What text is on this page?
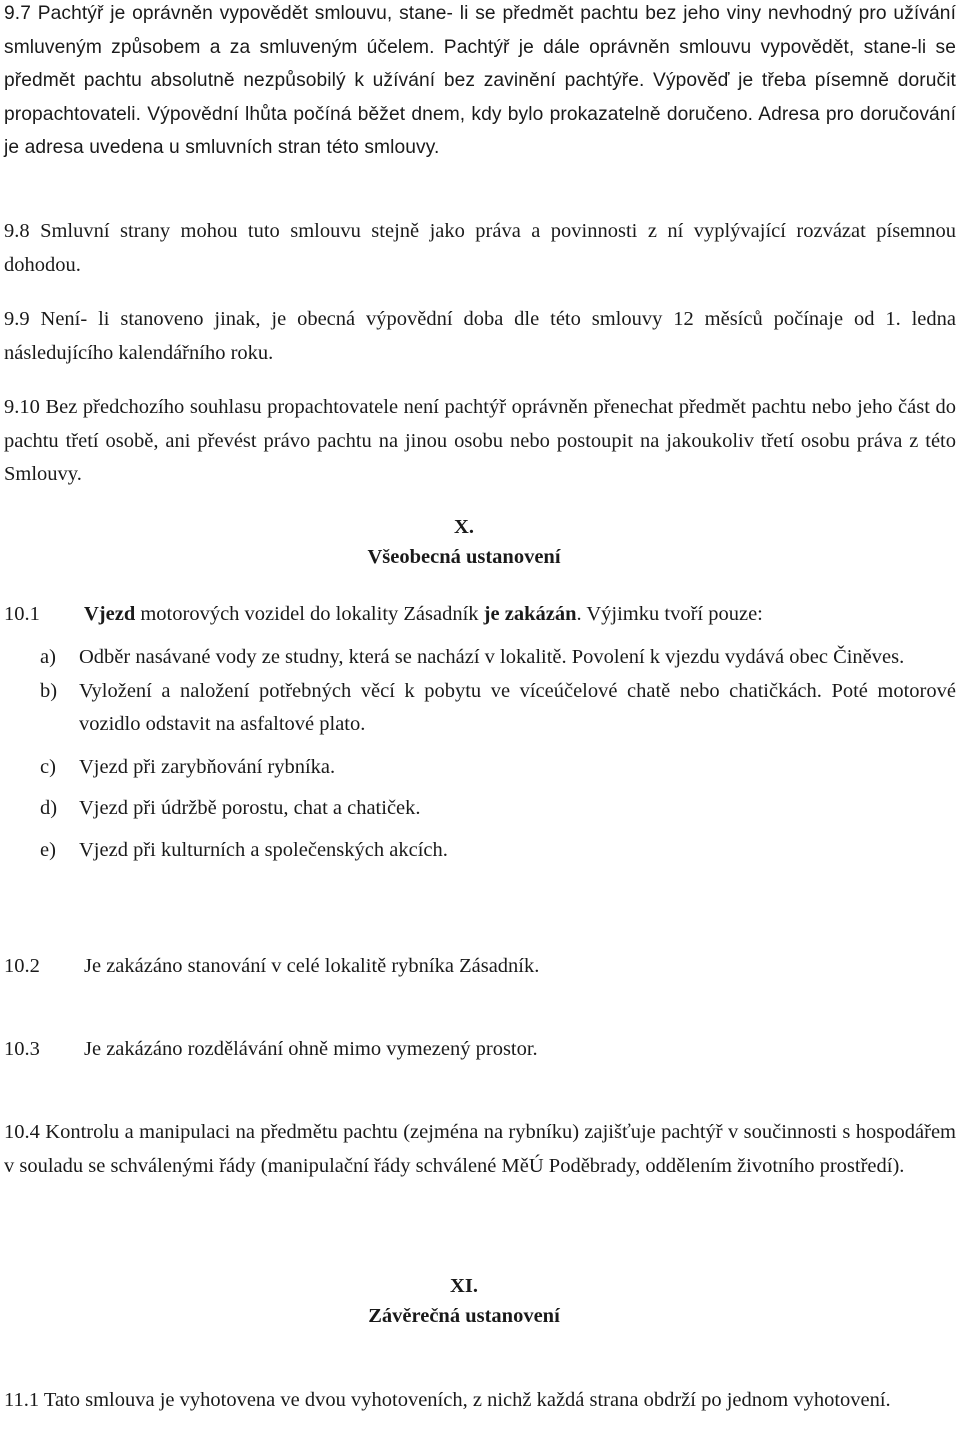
9.7 Pachtýř je oprávněn vypovědět smlouvu, stane- li se předmět pachtu bez jeho viny nevhodný pro užívání smluveným způsobem a za smluveným účelem. Pachtýř je dále oprávněn smlouvu vypovědět, stane-li se předmět pachtu absolutně nezpůsobilý k užívání bez zavinění pachtýře. Výpověď je třeba písemně doručit propachtovateli. Výpovědní lhůta počíná běžet dnem, kdy bylo prokazatelně doručeno. Adresa pro doručování je adresa uvedena u smluvních stran této smlouvy.

9.8 Smluvní strany mohou tuto smlouvu stejně jako práva a povinnosti z ní vyplývající rozvázat písemnou dohodou.

9.9 Není- li stanoveno jinak, je obecná výpovědní doba dle této smlouvy 12 měsíců počínaje od 1. ledna následujícího kalendářního roku.

9.10 Bez předchozího souhlasu propachtovatele není pachtýř oprávněn přenechat předmět pachtu nebo jeho část do pachtu třetí osobě, ani převést právo pachtu na jinou osobu nebo postoupit na jakoukoliv třetí osobu práva z této Smlouvy.

X.

Všeobecná ustanovení

10.1 Vjezd motorových vozidel do lokality Zásadník je zakázán. Výjimku tvoří pouze:

a) Odběr nasávané vody ze studny, která se nachází v lokalitě. Povolení k vjezdu vydává obec Činěves.
b) Vyložení a naložení potřebných věcí k pobytu ve víceúčelové chatě nebo chatičkách. Poté motorové vozidlo odstavit na asfaltové plato.
c) Vjezd při zarybňování rybníka.
d) Vjezd při údržbě porostu, chat a chatiček.
e) Vjezd při kulturních a společenských akcích.

10.2 Je zakázáno stanování v celé lokalitě rybníka Zásadník.

10.3 Je zakázáno rozdělávání ohně mimo vymezený prostor.

10.4 Kontrolu a manipulaci na předmětu pachtu (zejména na rybníku) zajišťuje pachtýř v součinnosti s hospodářem v souladu se schválenými řády (manipulační řády schválené MěÚ Poděbrady, oddělením životního prostředí).

XI.

Závěrečná ustanovení

11.1 Tato smlouva je vyhotovena ve dvou vyhotoveních, z nichž každá strana obdrží po jednom vyhotovení.
